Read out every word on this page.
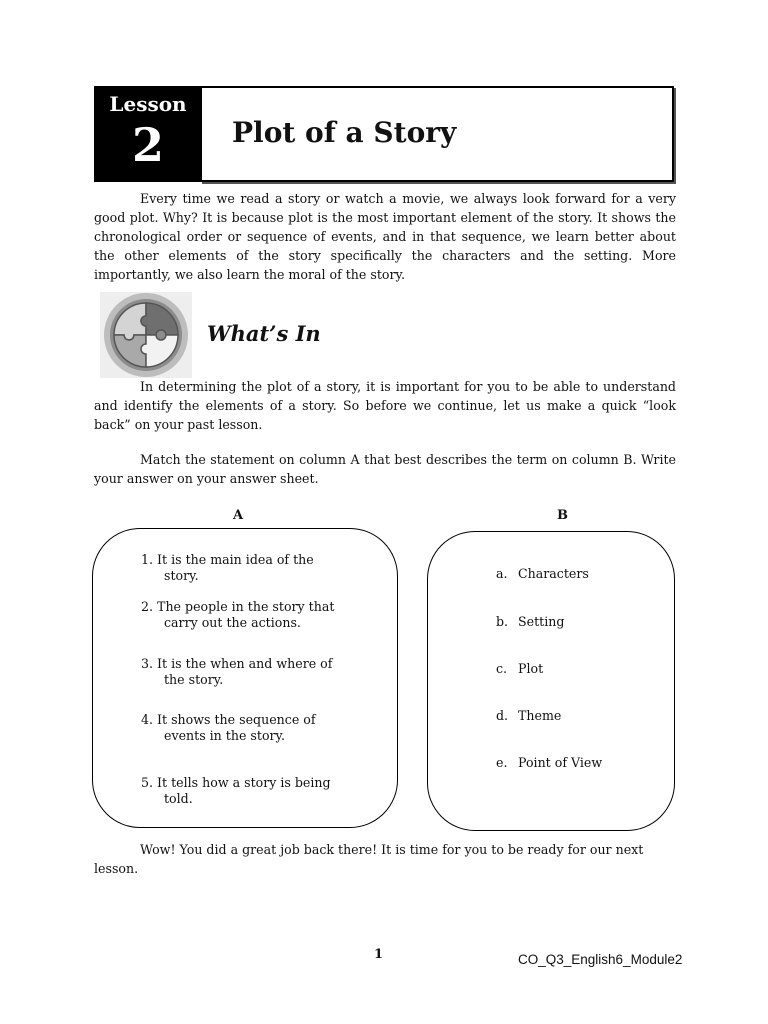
Lesson
2	Plot of a Story
Every time we read a story or watch a movie, we always look forward for a very good plot. Why? It is because plot is the most important element of the story. It shows the chronological order or sequence of events, and in that sequence, we learn better about the other elements of the story specifically the characters and the setting. More importantly, we also learn the moral of the story.
What’s In
In determining the plot of a story, it is important for you to be able to understand and identify the elements of a story. So before we continue, let us make a quick “look back” on your past lesson.
Match the statement on column A that best describes the term on column B. Write your answer on your answer sheet.
A	B
1. It is the main idea of the
story.
2. The people in the story that
carry out the actions.
3. It is the when and where of
the story.
4. It shows the sequence of
events in the story.
5. It tells how a story is being
told.
a. Characters
b. Setting
c. Plot
d. Theme
e. Point of View
Wow! You did a great job back there! It is time for you to be ready for our next lesson.
1	CO_Q3_English6_Module2
